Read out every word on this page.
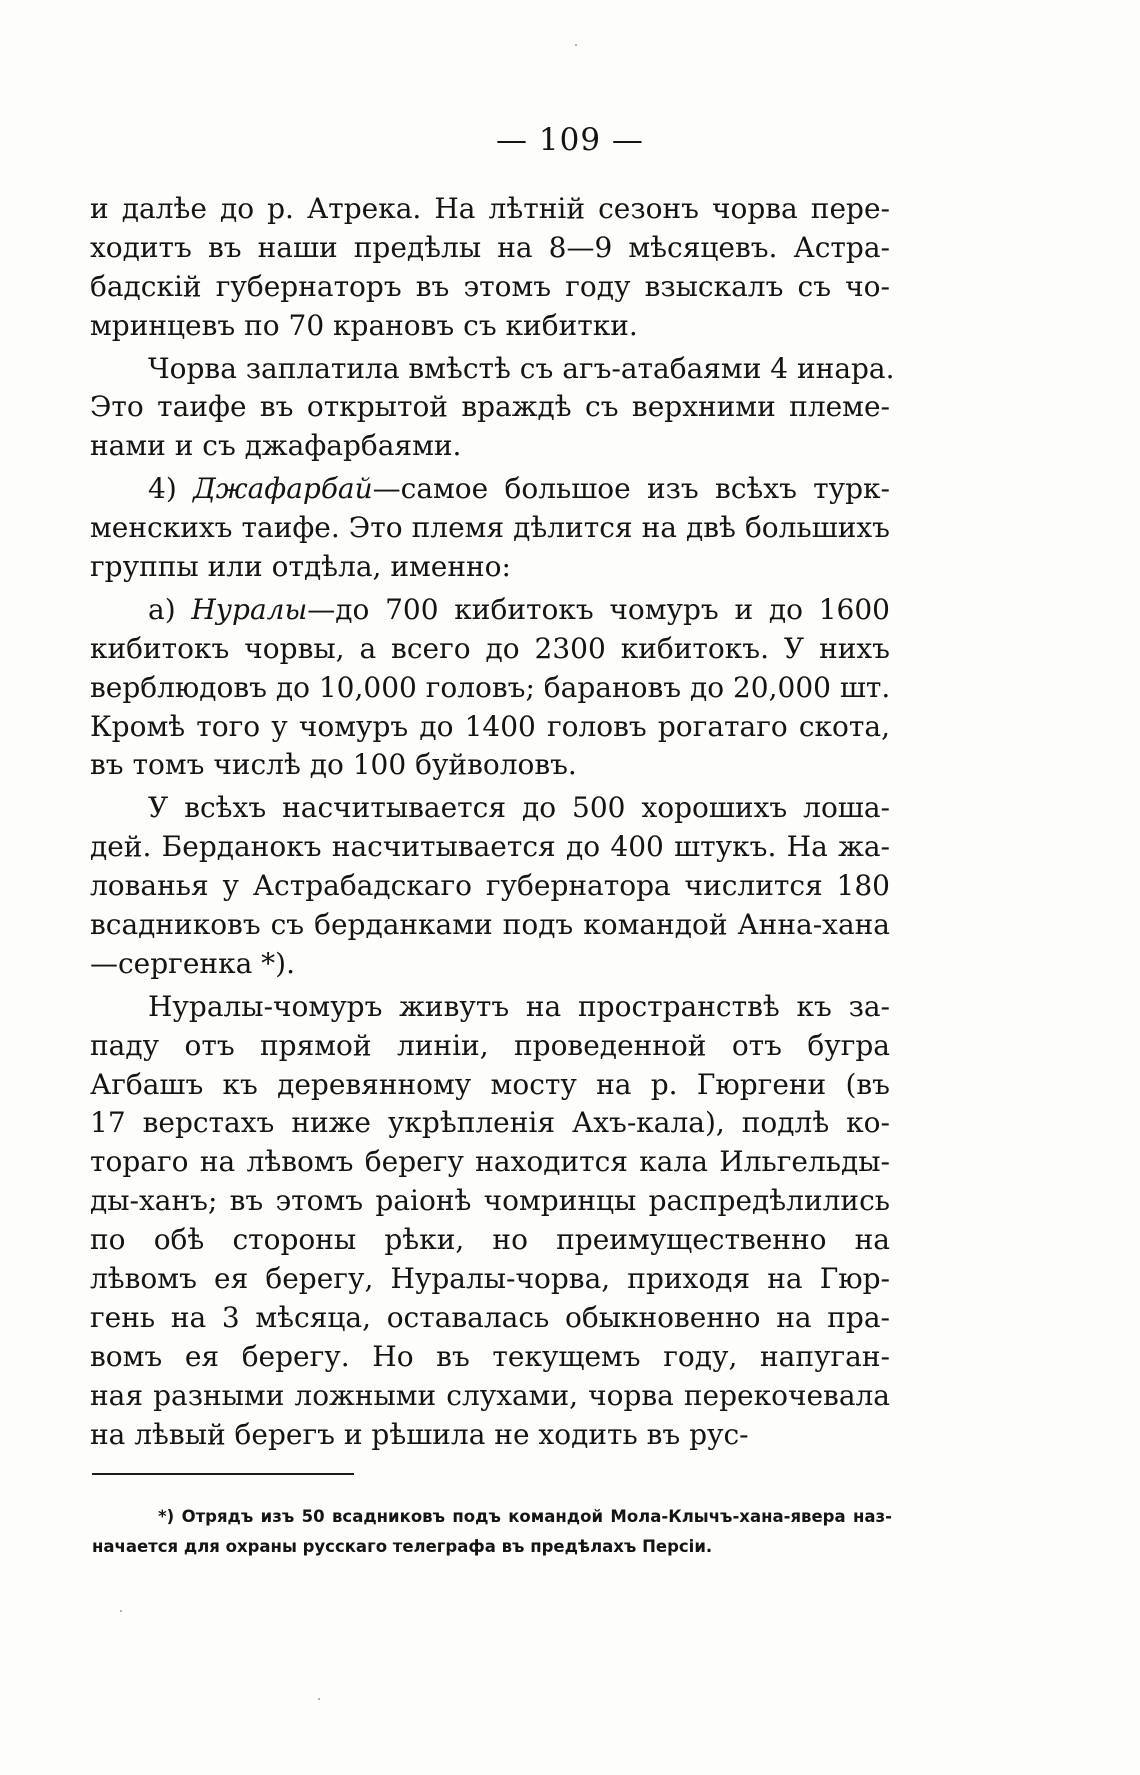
— 109 —
и далѣе до р. Атрека. На лѣтній сезонъ чорва пере-
ходитъ въ наши предѣлы на 8—9 мѣсяцевъ. Астра-
бадскій губернаторъ въ этомъ году взыскалъ съ чо-
мринцевъ по 70 крановъ съ кибитки.
Чорва заплатила вмѣстѣ съ агъ-атабаями 4 инара.
Это таифе въ открытой враждѣ съ верхними племе-
нами и съ джафарбаями.
4) Джафарбай—самое большое изъ всѣхъ турк-
менскихъ таифе. Это племя дѣлится на двѣ большихъ
группы или отдѣла, именно:
а) Нуралы—до 700 кибитокъ чомуръ и до 1600
кибитокъ чорвы, а всего до 2300 кибитокъ. У нихъ
верблюдовъ до 10,000 головъ; барановъ до 20,000 шт.
Кромѣ того у чомуръ до 1400 головъ рогатаго скота,
въ томъ числѣ до 100 буйволовъ.
У всѣхъ насчитывается до 500 хорошихъ лоша-
дей. Берданокъ насчитывается до 400 штукъ. На жа-
лованья у Астрабадскаго губернатора числится 180
всадниковъ съ берданками подъ командой Анна-хана
—сергенка *).
Нуралы-чомуръ живутъ на пространствѣ къ за-
паду отъ прямой линіи, проведенной отъ бугра
Агбашъ къ деревянному мосту на р. Гюргени (въ
17 верстахъ ниже укрѣпленія Ахъ-кала), подлѣ ко-
тораго на лѣвомъ берегу находится кала Ильгельды-
ды-ханъ; въ этомъ раіонѣ чомринцы распредѣлились
по обѣ стороны рѣки, но преимущественно на
лѣвомъ ея берегу, Нуралы-чорва, приходя на Гюр-
гень на 3 мѣсяца, оставалась обыкновенно на пра-
вомъ ея берегу. Но въ текущемъ году, напуган-
ная разными ложными слухами, чорва перекочевала
на лѣвый берегъ и рѣшила не ходить въ рус-
*) Отрядъ изъ 50 всадниковъ подъ командой Мола-Клычъ-хана-явера наз-
начается для охраны русскаго телеграфа въ предѣлахъ Персіи.
